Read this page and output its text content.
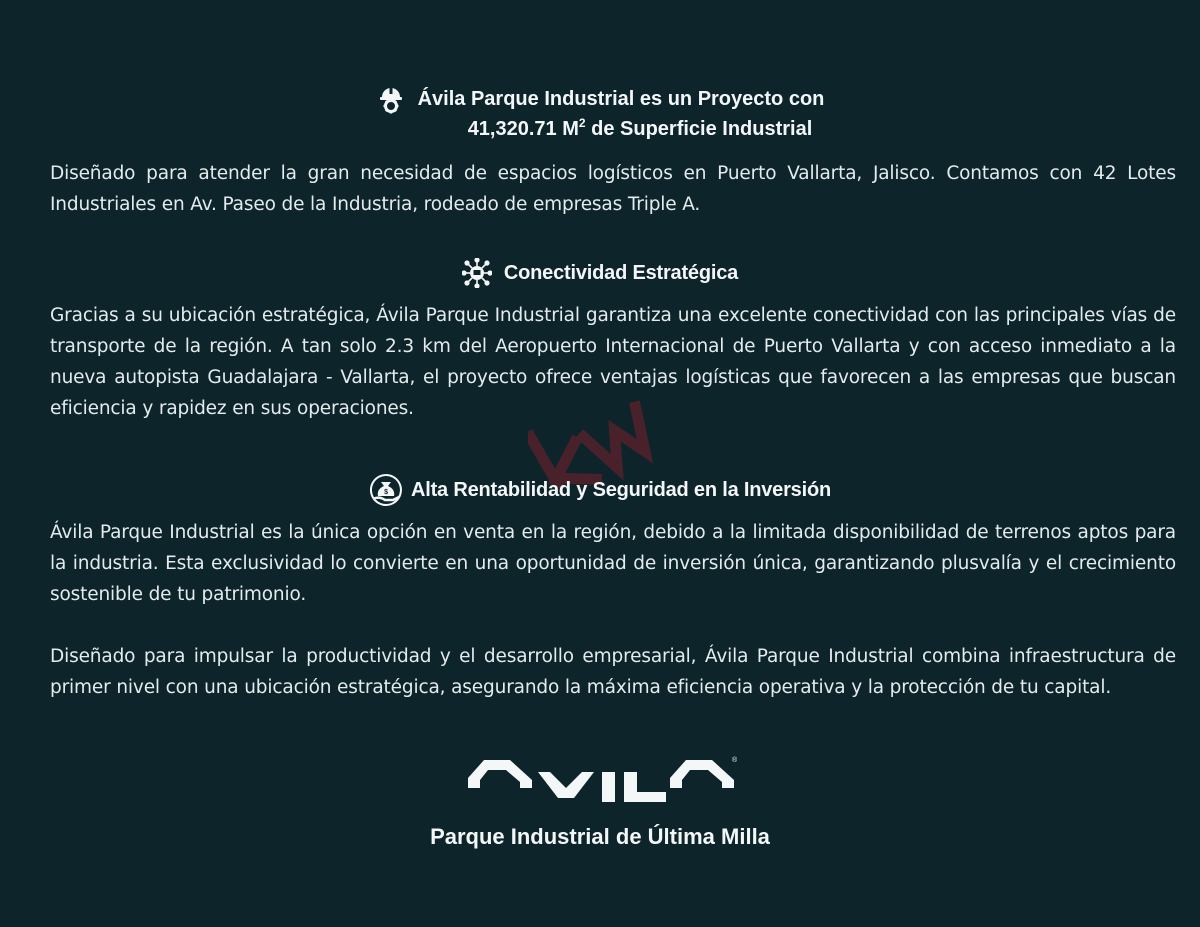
Ávila Parque Industrial es un Proyecto con
41,320.71 $M^2$ de Superficie Industrial
Diseñado para atender la gran necesidad de espacios logísticos en Puerto Vallarta, Jalisco. Contamos con 42 Lotes Industriales en Av. Paseo de la Industria, rodeado de empresas Triple A.
Conectividad Estratégica
Gracias a su ubicación estratégica, Ávila Parque Industrial garantiza una excelente conectividad con las principales vías de transporte de la región. A tan solo 2.3 km del Aeropuerto Internacional de Puerto Vallarta y con acceso inmediato a la nueva autopista Guadalajara - Vallarta, el proyecto ofrece ventajas logísticas que favorecen a las empresas que buscan eficiencia y rapidez en sus operaciones.
$ Alta Rentabilidad y Seguridad en la Inversión
Ávila Parque Industrial es la única opción en venta en la región, debido a la limitada disponibilidad de terrenos aptos para la industria. Esta exclusividad lo convierte en una oportunidad de inversión única, garantizando plusvalía y el crecimiento sostenible de tu patrimonio.
Diseñado para impulsar la productividad y el desarrollo empresarial, Ávila Parque Industrial combina infraestructura de primer nivel con una ubicación estratégica, asegurando la máxima eficiencia operativa y la protección de tu capital.
®
Parque Industrial de Última Milla
